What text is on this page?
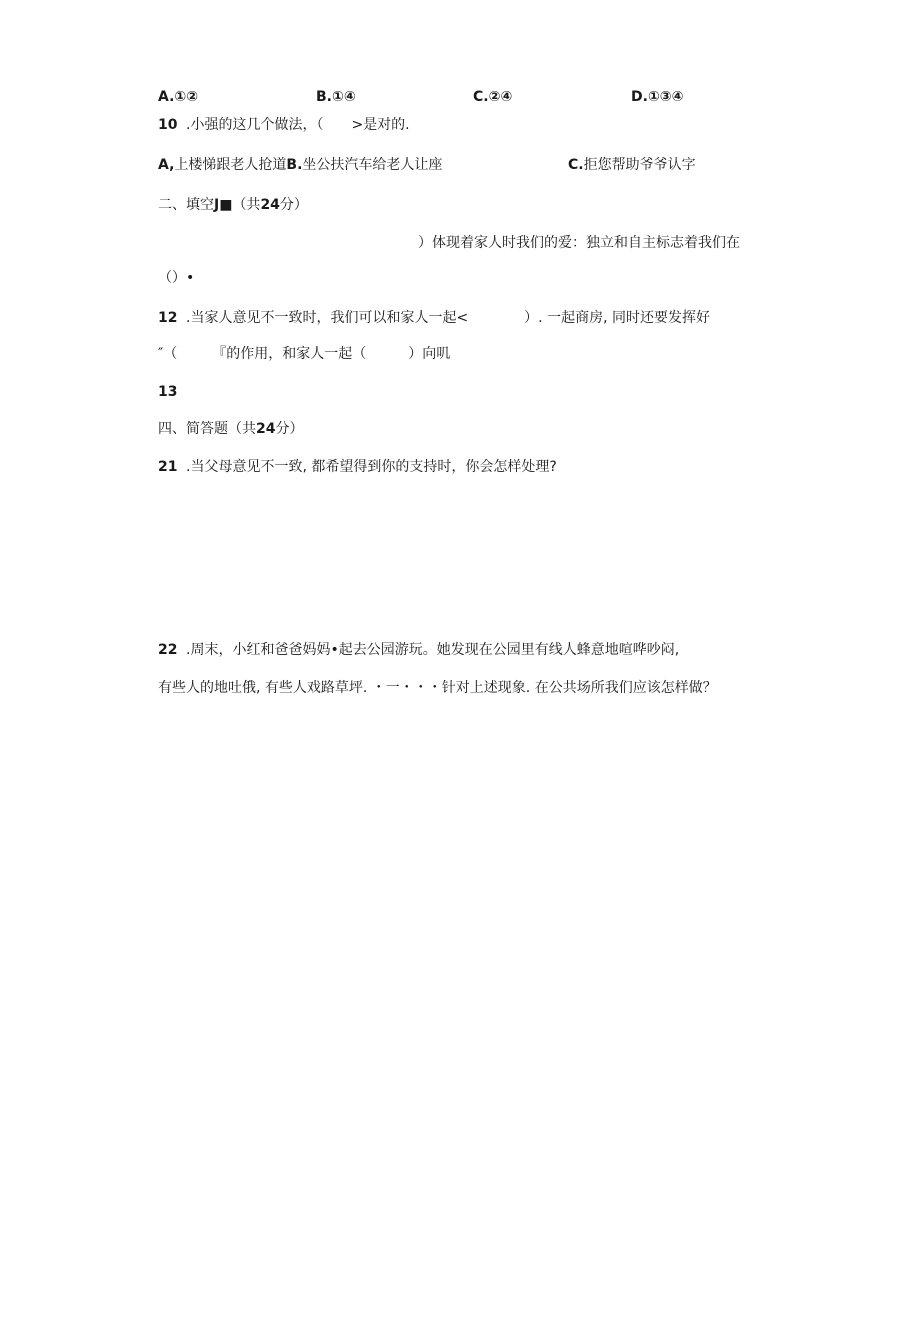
A.①②	B.①④	C.②④	D.①③④
10 .小强的这几个做法，（　　>是对的.
A,上楼悌跟老人抢道B.坐公扶汽车给老人让座	C.拒您帮助爷爷认字
二、填空J■（共24分）
）体现着家人时我们的爱：独立和自主标志着我们在
（）•
12 .当家人意见不一致时，我们可以和家人一起<　　　　）. 一起商房, 同时还要发挥好
″（　　　『的作用，和家人一起（　　　）向叽
13
四、简答题（共24分）
21 .当父母意见不一致, 都希望得到你的支持时，你会怎样处理?
22 .周末，小红和爸爸妈妈•起去公园游玩。她发现在公园里有线人蜂意地喧哗吵闷,
有些人的地吐俄, 有些人戏路草坪. ・一・・・针对上述现象. 在公共场所我们应该怎样做？
